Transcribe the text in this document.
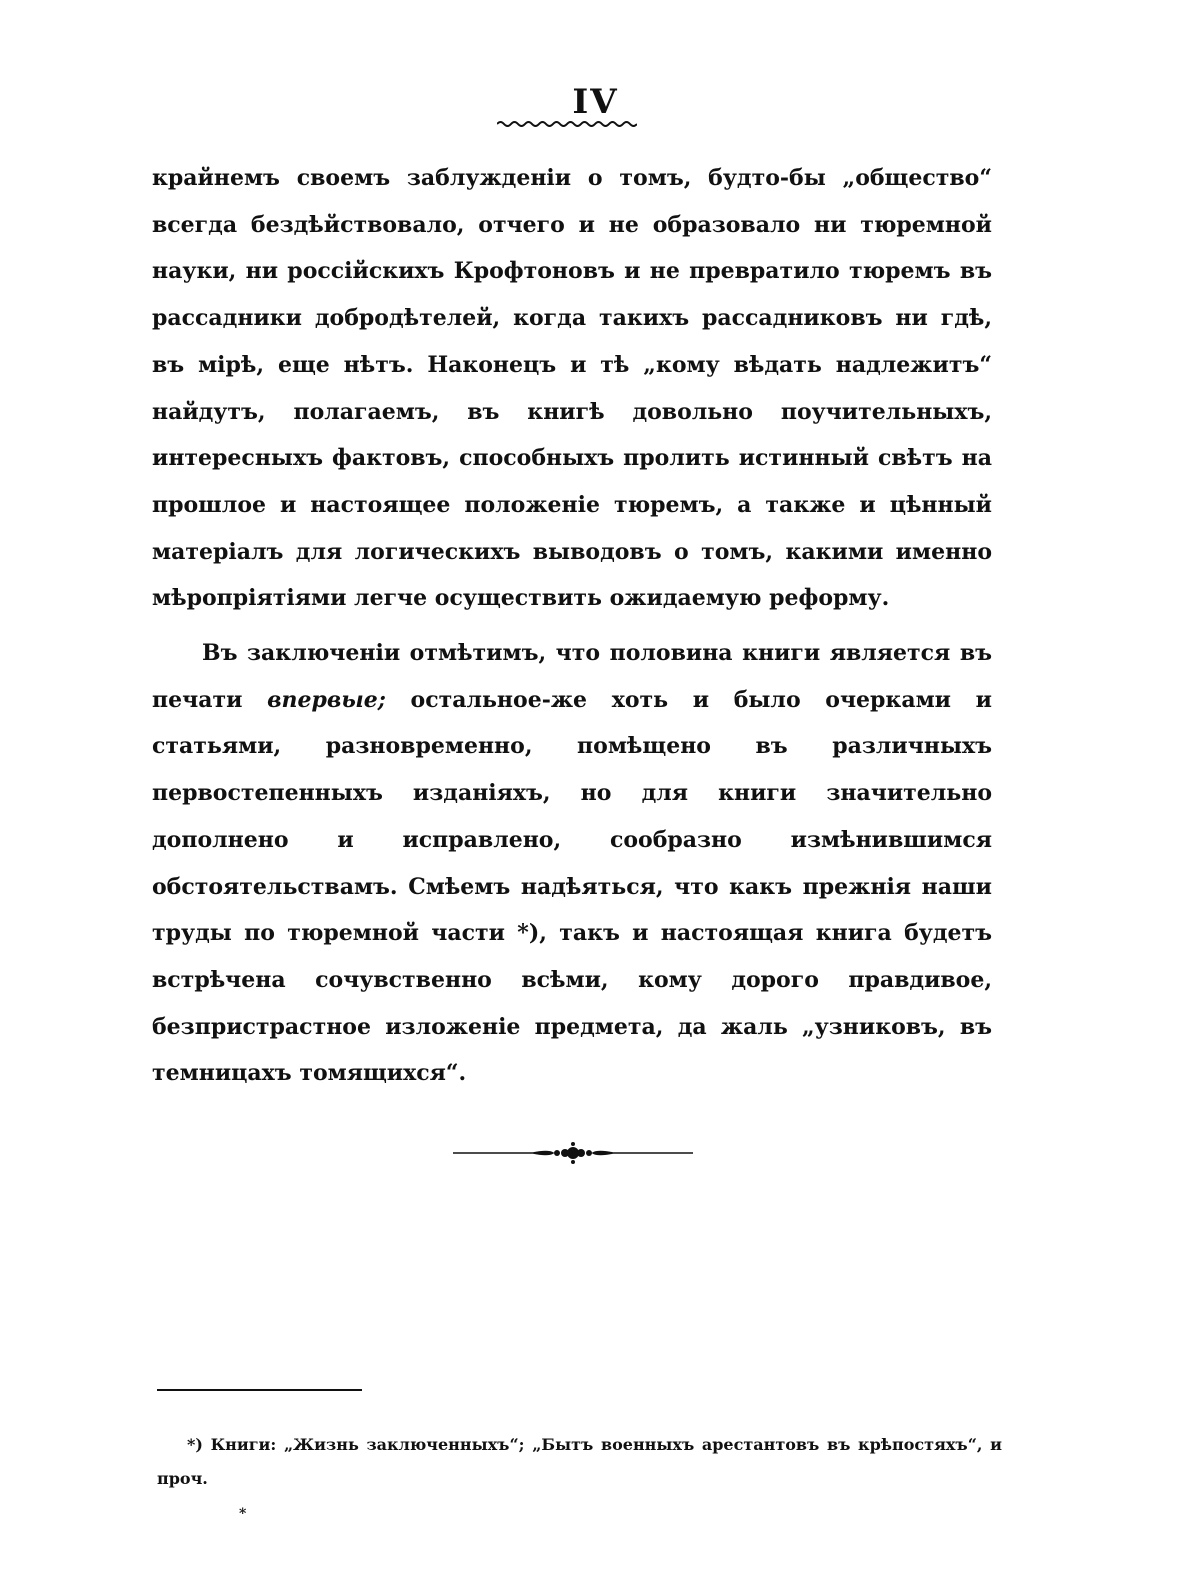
IV

крайнемъ своемъ заблужденіи о томъ, будто-бы „общество“ всегда бездѣйствовало, отчего и не образовало ни тюремной науки, ни россійскихъ Крофтоновъ и не превратило тюремъ въ рассадники добродѣтелей, когда такихъ рассадниковъ ни гдѣ, въ мірѣ, еще нѣтъ. Наконецъ и тѣ „кому вѣдать надлежитъ“ найдутъ, полагаемъ, въ книгѣ довольно поучительныхъ, интересныхъ фактовъ, способныхъ пролить истинный свѣтъ на прошлое и настоящее положеніе тюремъ, а также и цѣнный матеріалъ для логическихъ выводовъ о томъ, какими именно мѣропріятіями легче осуществить ожидаемую реформу.

Въ заключеніи отмѣтимъ, что половина книги является въ печати впервые; остальное-же хоть и было очерками и статьями, разновременно, помѣщено въ различныхъ первостепенныхъ изданіяхъ, но для книги значительно дополнено и исправлено, сообразно измѣнившимся обстоятельствамъ. Смѣемъ надѣяться, что какъ прежнія наши труды по тюремной части *), такъ и настоящая книга будетъ встрѣчена сочувственно всѣми, кому дорого правдивое, безпристрастное изложеніе предмета, да жаль „узниковъ, въ темницахъ томящихся“.

*) Книги: „Жизнь заключенныхъ“; „Бытъ военныхъ арестантовъ въ крѣпостяхъ“, и проч.
*
